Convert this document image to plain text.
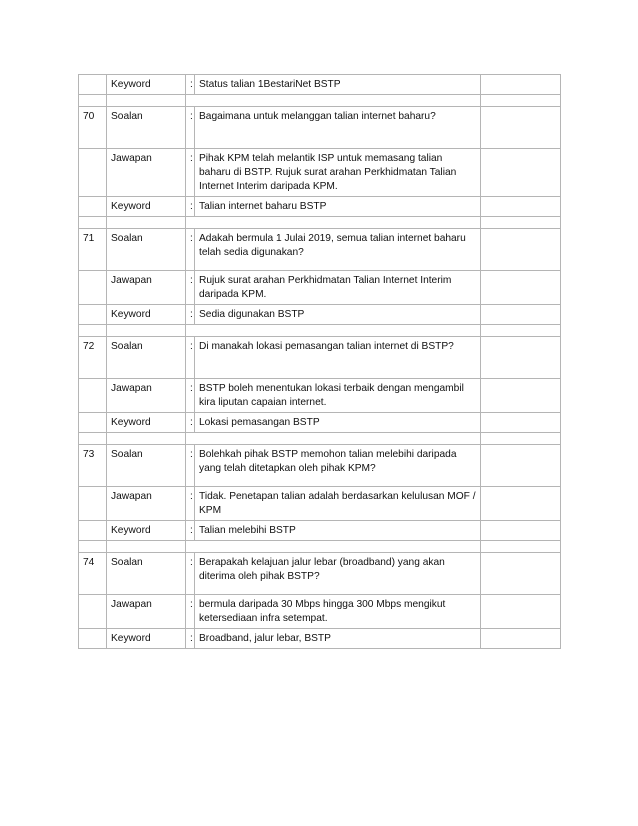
	Keyword	:	Status talian 1BestariNet BSTP	

70	Soalan	:	Bagaimana untuk melanggan talian internet baharu?	
	Jawapan	:	Pihak KPM telah melantik ISP untuk memasang talian baharu di BSTP. Rujuk surat arahan Perkhidmatan Talian Internet Interim daripada KPM.	
	Keyword	:	Talian internet baharu BSTP	

71	Soalan	:	Adakah bermula 1 Julai 2019, semua talian internet baharu telah sedia digunakan?	
	Jawapan	:	Rujuk surat arahan Perkhidmatan Talian Internet Interim daripada KPM.	
	Keyword	:	Sedia digunakan BSTP	

72	Soalan	:	Di manakah lokasi pemasangan talian internet di BSTP?	
	Jawapan	:	BSTP boleh menentukan lokasi terbaik dengan mengambil kira liputan capaian internet.	
	Keyword	:	Lokasi pemasangan BSTP	

73	Soalan	:	Bolehkah pihak BSTP memohon talian melebihi daripada yang telah ditetapkan oleh pihak KPM?	
	Jawapan	:	Tidak. Penetapan talian adalah berdasarkan kelulusan MOF / KPM	
	Keyword	:	Talian melebihi BSTP	

74	Soalan	:	Berapakah kelajuan jalur lebar (broadband) yang akan diterima oleh pihak BSTP?	
	Jawapan	:	bermula daripada 30 Mbps hingga 300 Mbps mengikut ketersediaan infra setempat.	
	Keyword	:	Broadband, jalur lebar, BSTP	
